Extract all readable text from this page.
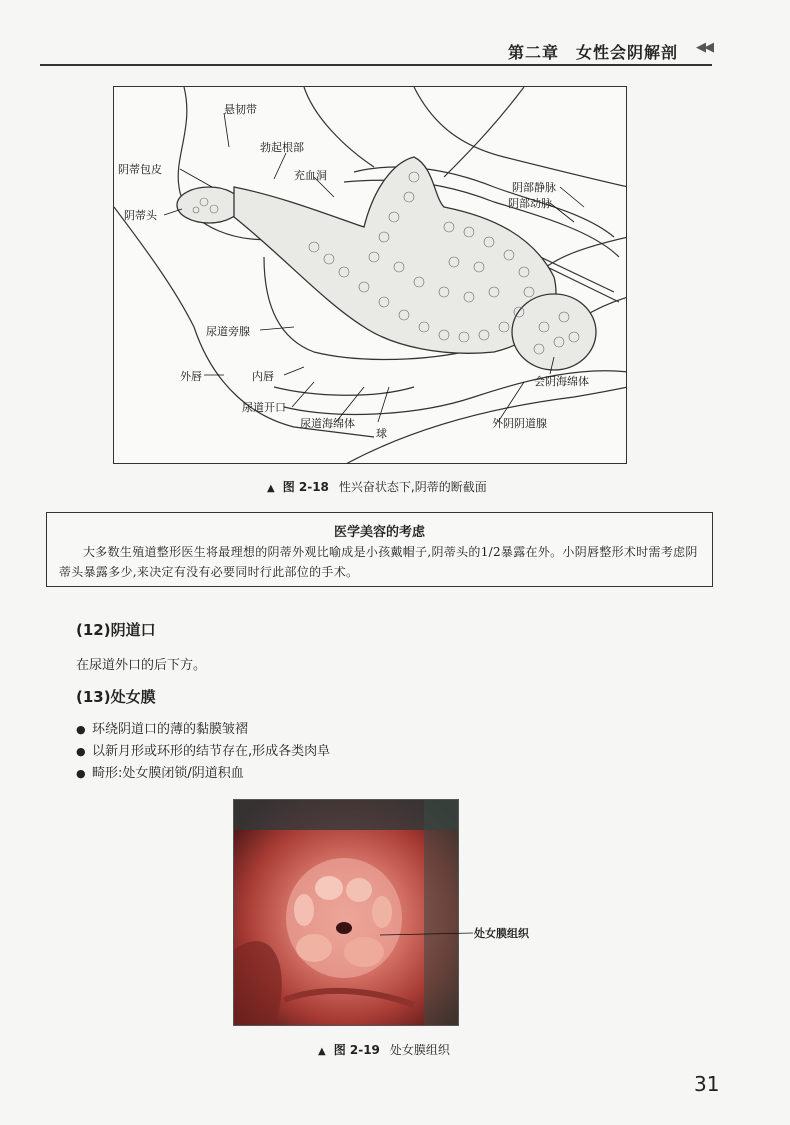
第二章　女性会阴解剖 ◀◀
悬韧带
勃起根部
阴蒂包皮	充血洞
阴蒂头
阴部静脉
阴部动脉
尿道旁腺
外唇	内唇	会阴海绵体
尿道开口
尿道海绵体
球
外阴阴道腺
▲ 图 2-18 性兴奋状态下,阴蒂的断截面
医学美容的考虑
大多数生殖道整形医生将最理想的阴蒂外观比喻成是小孩戴帽子,阴蒂头的1/2暴露在外。小阴唇整形术时需考虑阴蒂头暴露多少,来决定有没有必要同时行此部位的手术。
(12)阴道口
在尿道外口的后下方。
(13)处女膜
● 环绕阴道口的薄的黏膜皱褶
● 以新月形或环形的结节存在,形成各类肉阜
● 畸形:处女膜闭锁/阴道积血
处女膜组织
▲ 图 2-19 处女膜组织
31
